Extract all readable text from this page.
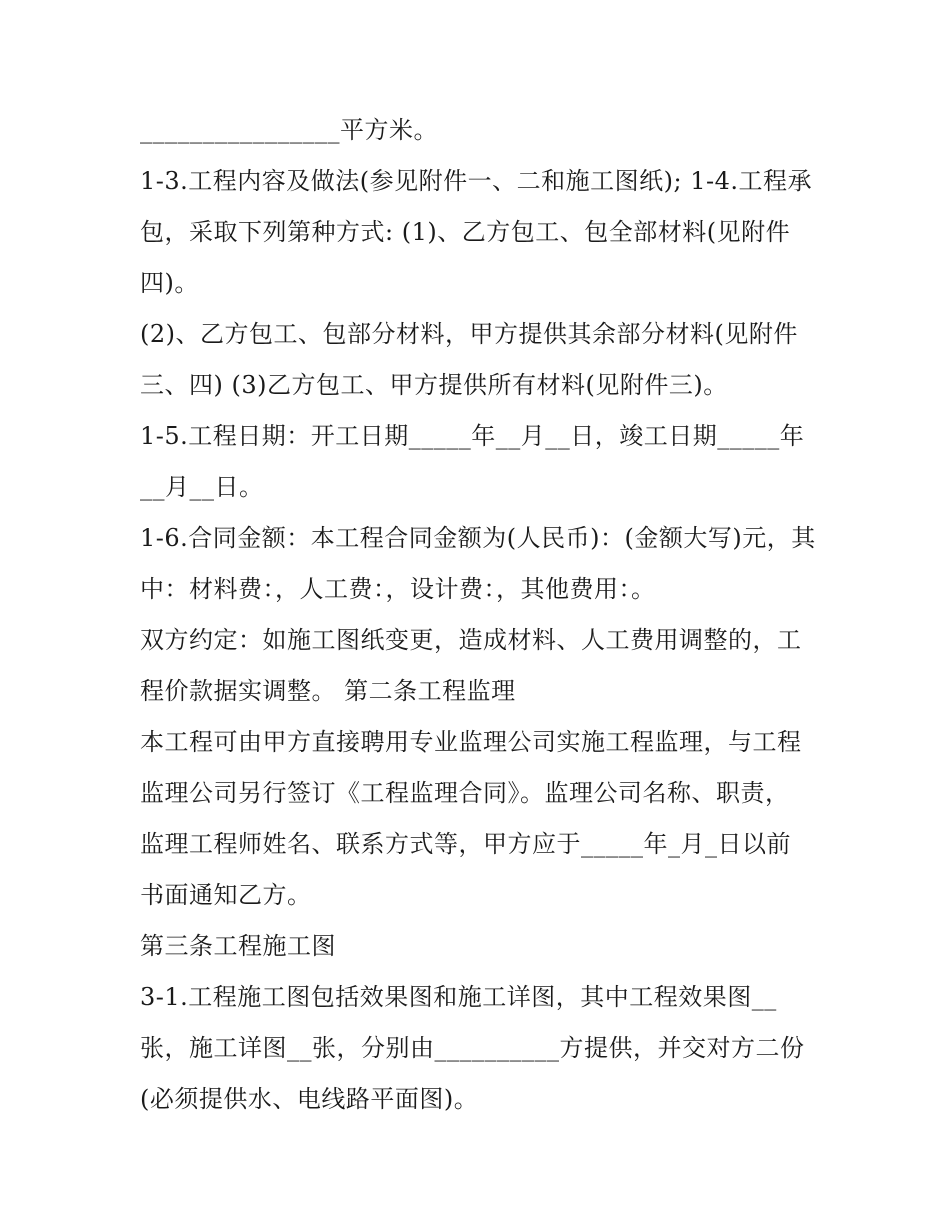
________________平方米。
1-3.工程内容及做法(参见附件一、二和施工图纸); 1-4.工程承
包，采取下列第种方式: (1)、乙方包工、包全部材料(见附件
四)。
(2)、乙方包工、包部分材料，甲方提供其余部分材料(见附件
三、四) (3)乙方包工、甲方提供所有材料(见附件三)。
1-5.工程日期：开工日期_____年__月__日，竣工日期_____年
__月__日。
1-6.合同金额：本工程合同金额为(人民币)：(金额大写)元，其
中：材料费：，人工费：，设计费：，其他费用：。
双方约定：如施工图纸变更，造成材料、人工费用调整的，工
程价款据实调整。 第二条工程监理
本工程可由甲方直接聘用专业监理公司实施工程监理，与工程
监理公司另行签订《工程监理合同》。监理公司名称、职责，
监理工程师姓名、联系方式等，甲方应于_____年_月_日以前
书面通知乙方。
第三条工程施工图
3-1.工程施工图包括效果图和施工详图，其中工程效果图__
张，施工详图__张，分别由__________方提供，并交对方二份
(必须提供水、电线路平面图)。
